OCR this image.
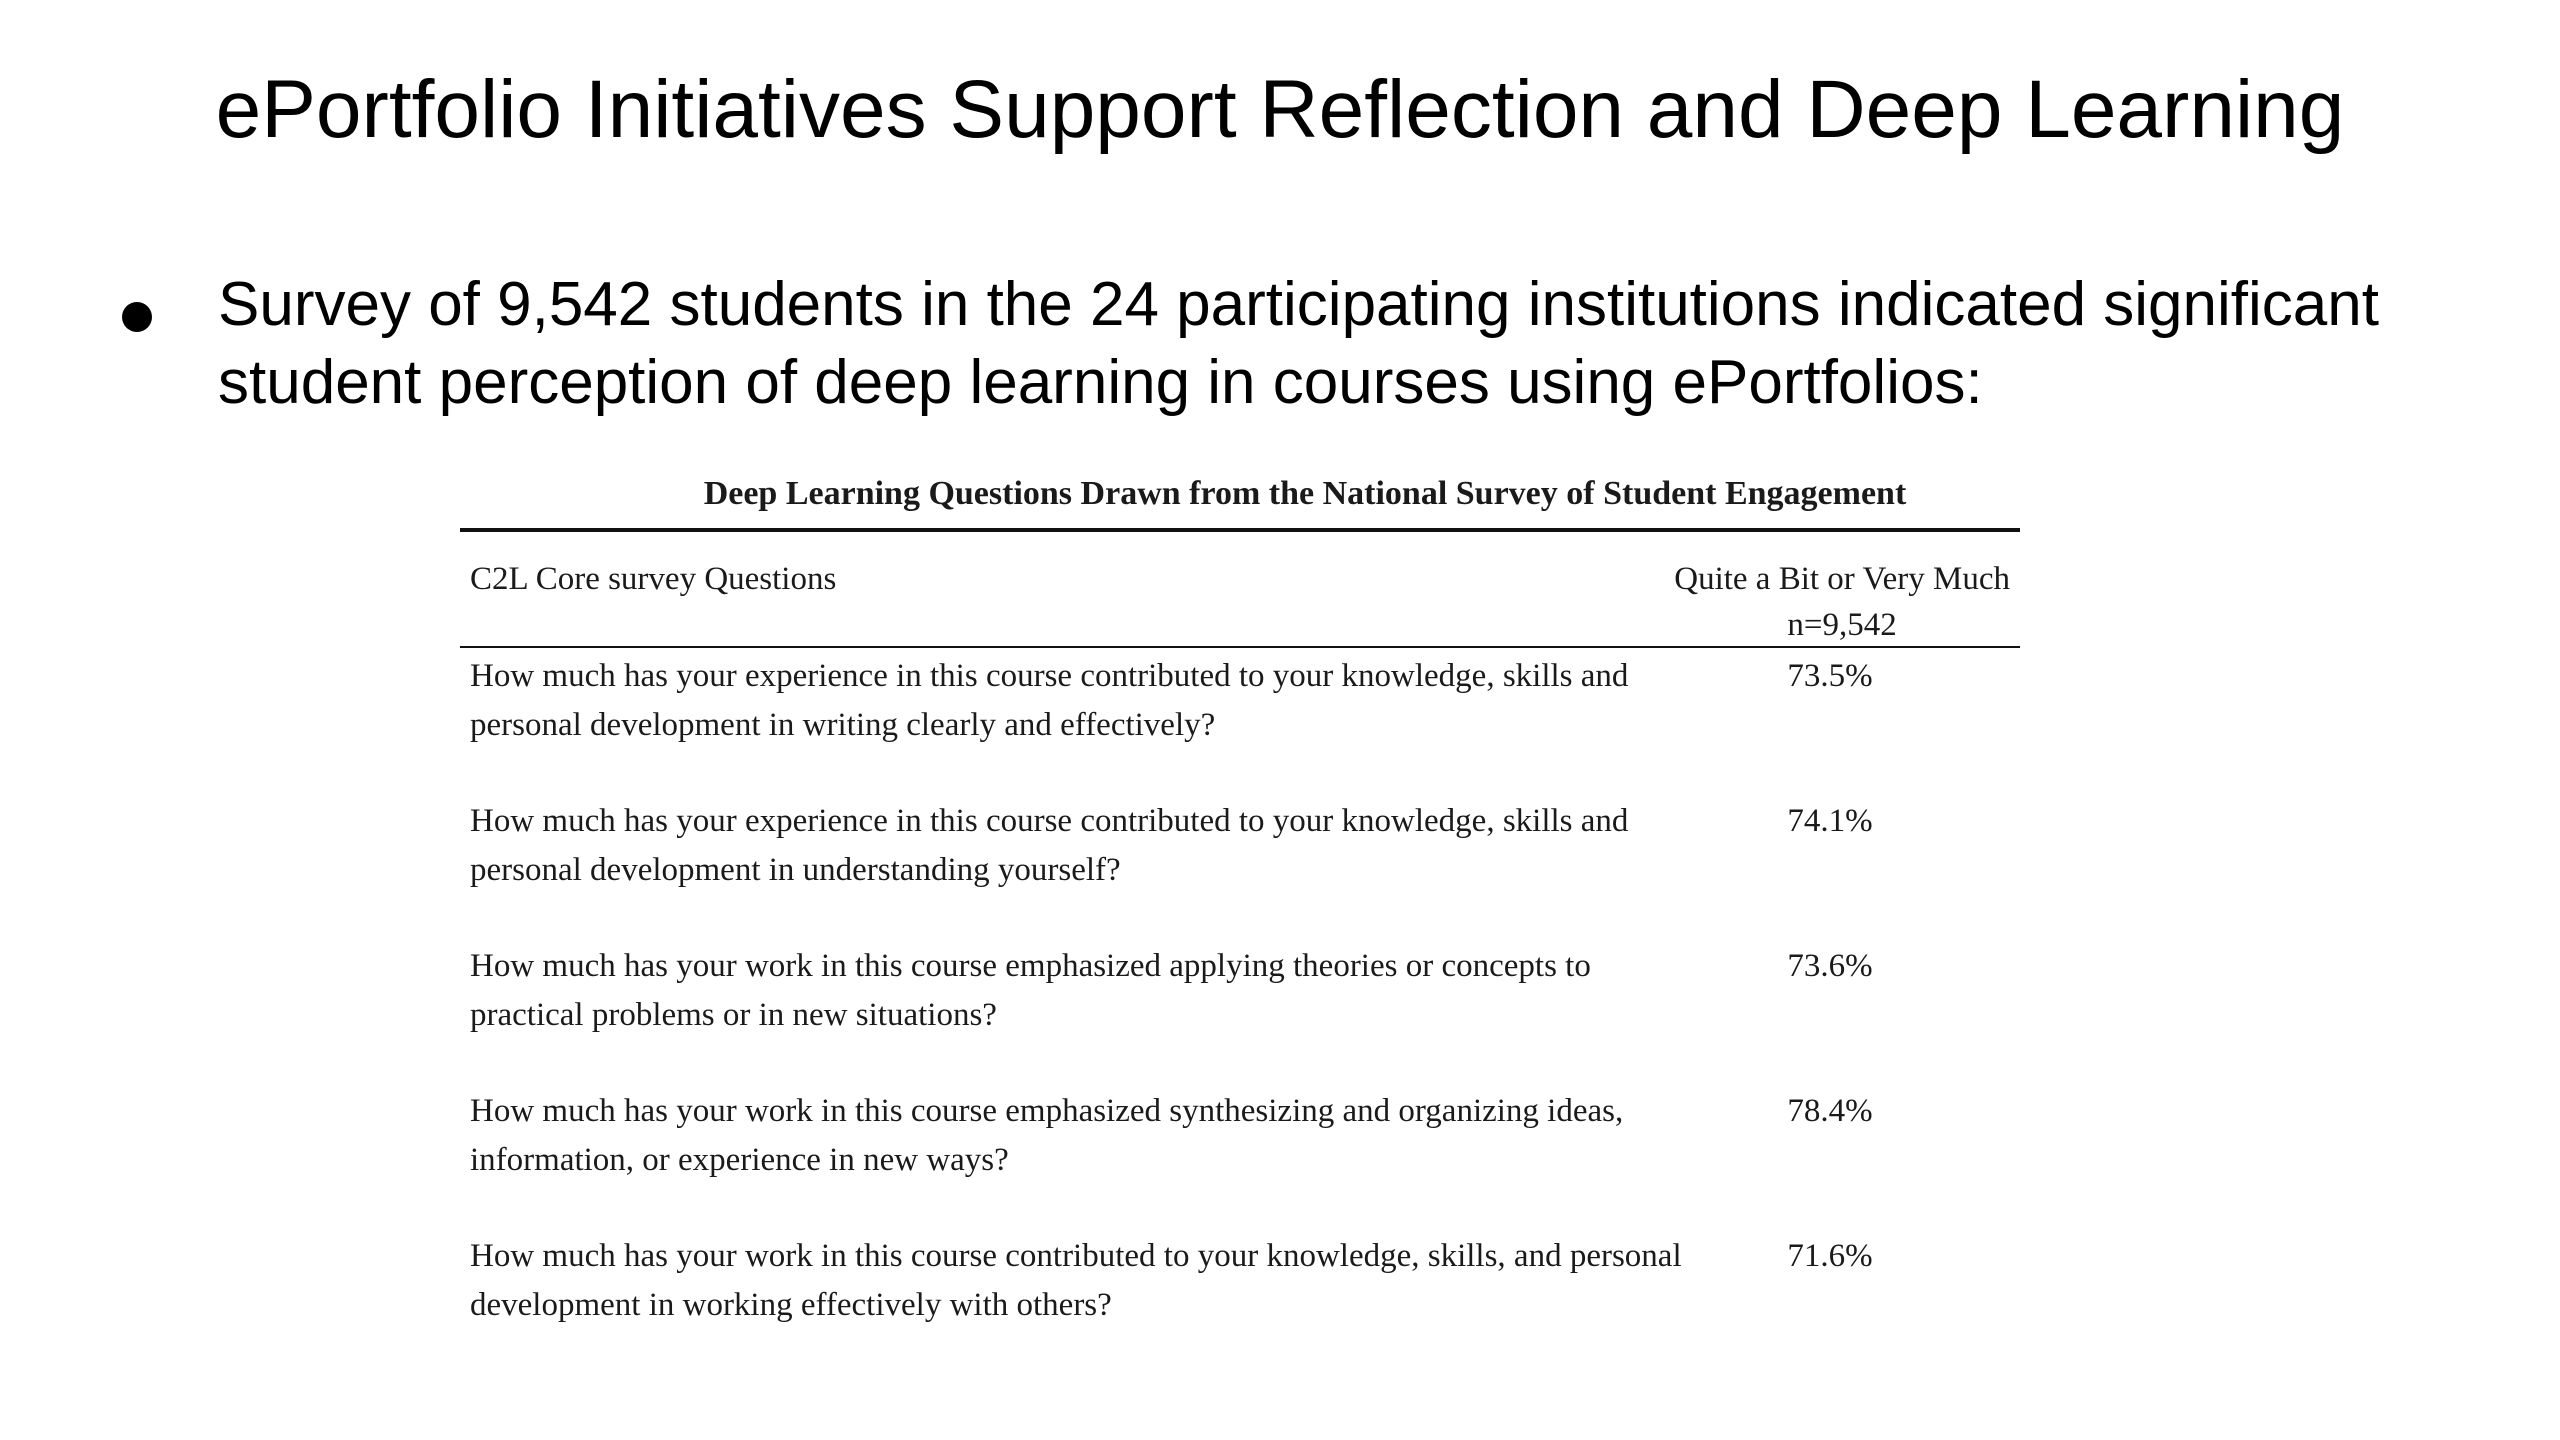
ePortfolio Initiatives Support Reflection and Deep Learning
Survey of 9,542 students in the 24 participating institutions indicated significant student perception of deep learning in courses using ePortfolios:
Deep Learning Questions Drawn from the National Survey of Student Engagement
C2L Core survey Questions	Quite a Bit or Very Much
n=9,542
How much has your experience in this course contributed to your knowledge, skills and personal development in writing clearly and effectively?
73.5%
How much has your experience in this course contributed to your knowledge, skills and personal development in understanding yourself?
74.1%
How much has your work in this course emphasized applying theories or concepts to practical problems or in new situations?
73.6%
How much has your work in this course emphasized synthesizing and organizing ideas, information, or experience in new ways?
78.4%
How much has your work in this course contributed to your knowledge, skills, and personal development in working effectively with others?
71.6%
